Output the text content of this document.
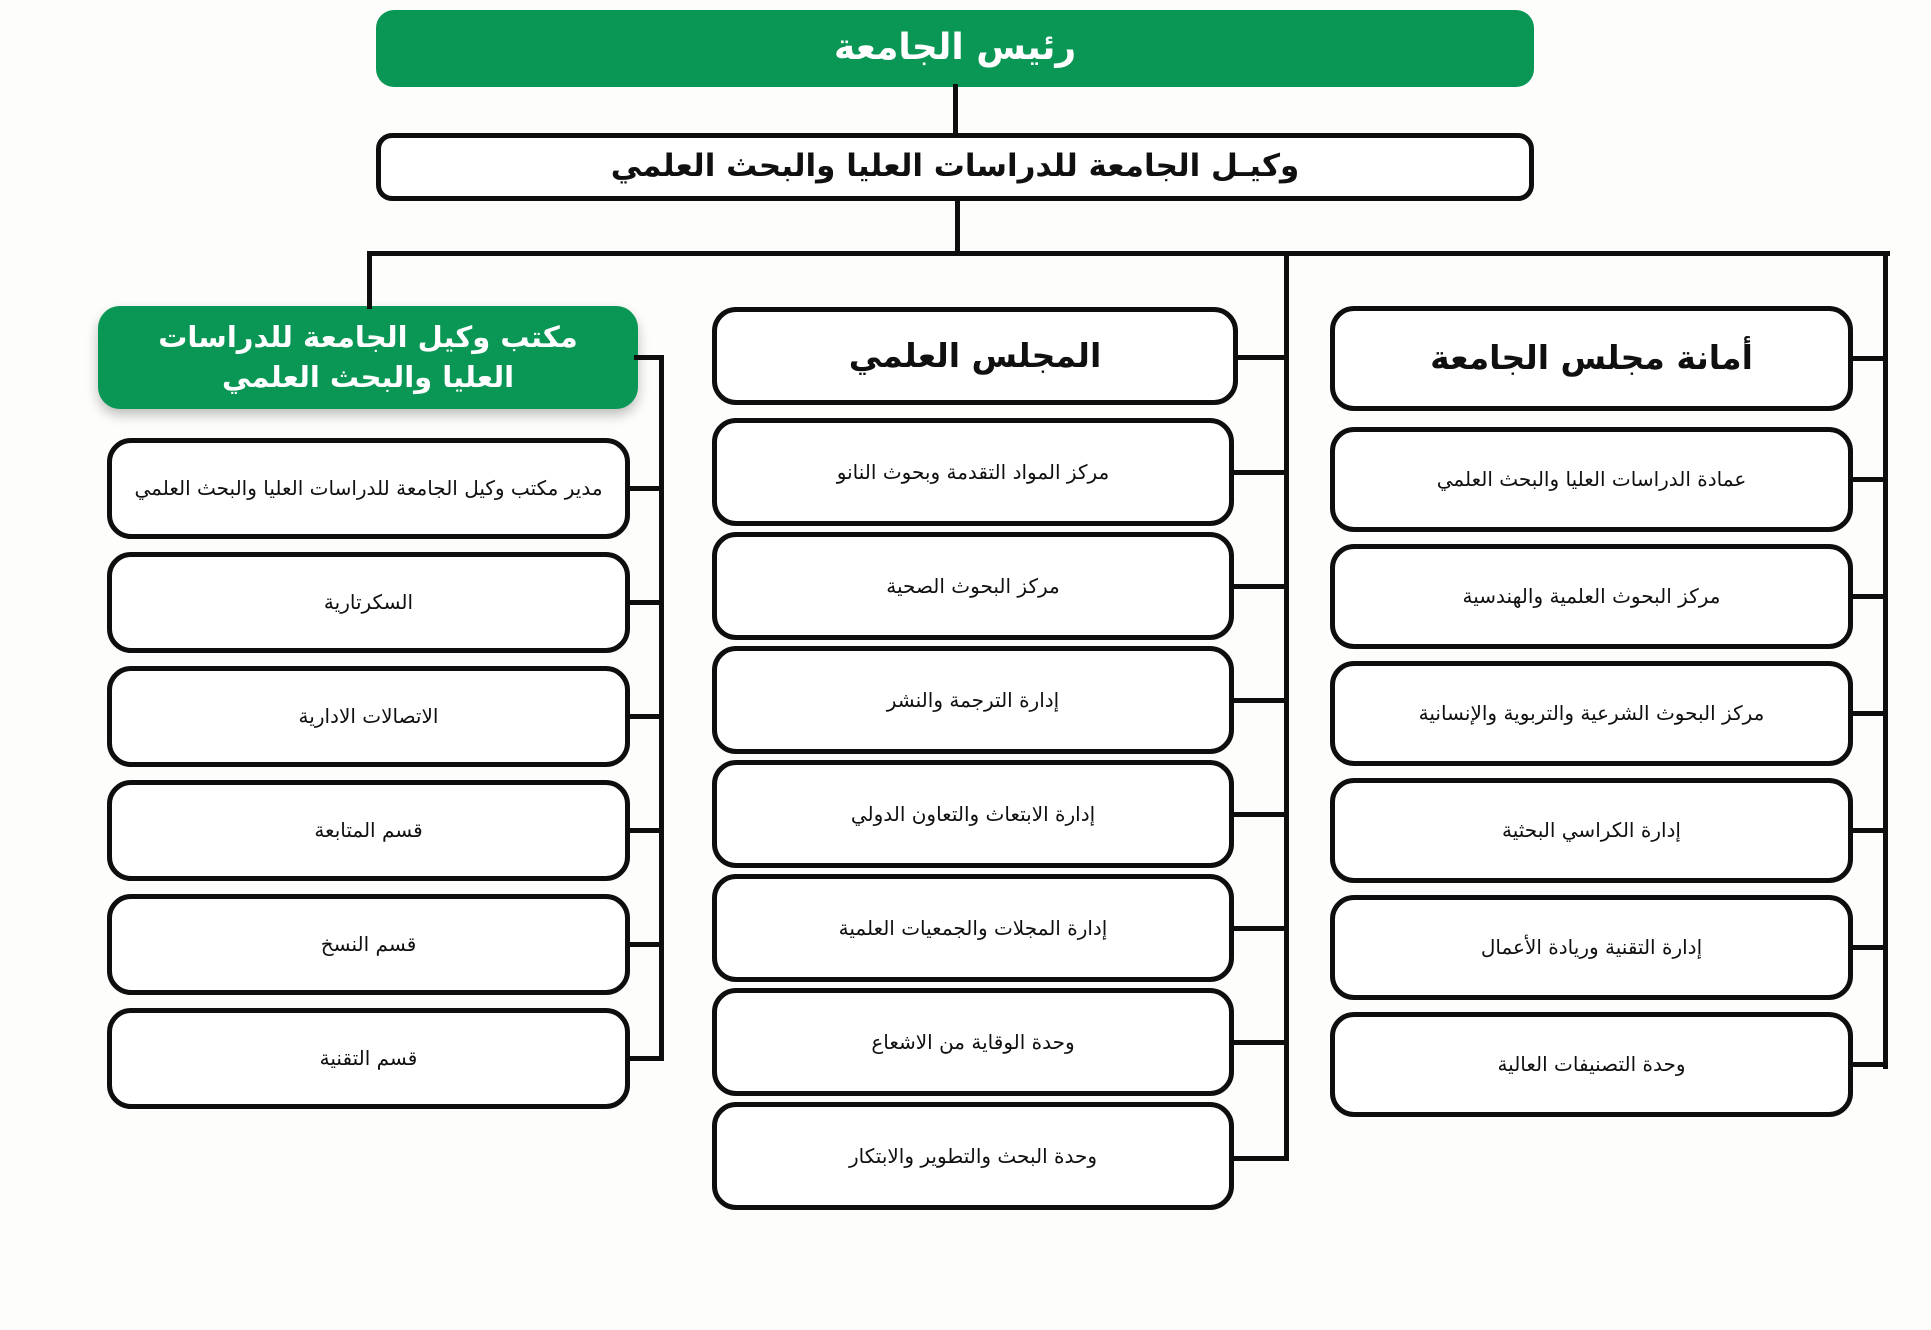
رئيس الجامعة
وكيـل الجامعة للدراسات العليا والبحث العلمي
مكتب وكيل الجامعة للدراسات العليا والبحث العلمي
المجلس العلمي	أمانة مجلس الجامعة
مدير مكتب وكيل الجامعة للدراسات العليا والبحث العلمي
السكرتارية
الاتصالات الادارية
قسم المتابعة
قسم النسخ
قسم التقنية
مركز المواد التقدمة وبحوث النانو
مركز البحوث الصحية
إدارة الترجمة والنشر
إدارة الابتعاث والتعاون الدولي
إدارة المجلات والجمعيات العلمية
وحدة الوقاية من الاشعاع
وحدة البحث والتطوير والابتكار
عمادة الدراسات العليا والبحث العلمي
مركز البحوث العلمية والهندسية
مركز البحوث الشرعية والتربوية والإنسانية
إدارة الكراسي البحثية
إدارة التقنية وريادة الأعمال
وحدة التصنيفات العالية
